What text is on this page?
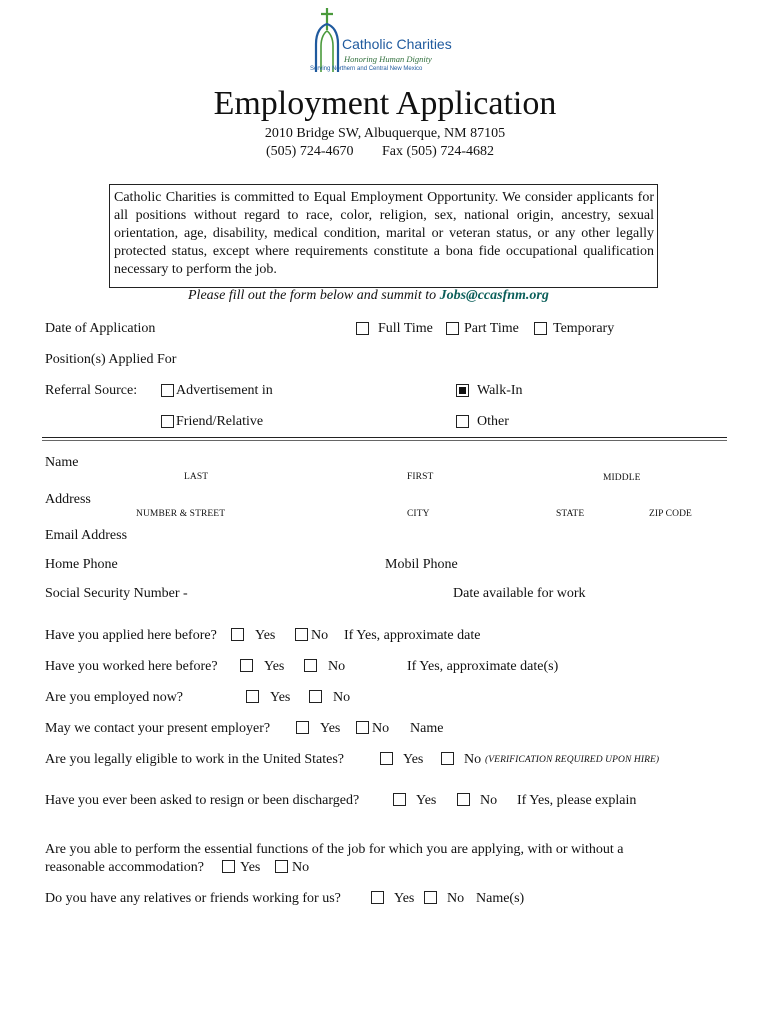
Catholic Charities
Honoring Human Dignity
Serving Northern and Central New Mexico
Employment Application
2010 Bridge SW, Albuquerque, NM 87105
(505) 724-4670 Fax (505) 724-4682
Catholic Charities is committed to Equal Employment Opportunity. We consider applicants for all positions without regard to race, color, religion, sex, national origin, ancestry, sexual orientation, age, disability, medical condition, marital or veteran status, or any other legally protected status, except where requirements constitute a bona fide occupational qualification necessary to perform the job.
Please fill out the form below and summit to Jobs@ccasfnm.org
Date of Application	Full Time Part Time Temporary
Position(s) Applied For
Referral Source:	Advertisement in	Walk-In
Friend/Relative	Other
Name
LAST	FIRST	MIDDLE
Address
NUMBER & STREET	CITY	STATE	ZIP CODE
Email Address
Home Phone	Mobil Phone
Social Security Number -	Date available for work
Have you applied here before?	Yes	No If Yes, approximate date
Have you worked here before?	Yes	No	If Yes, approximate date(s)
Are you employed now?	Yes	No
May we contact your present employer?	Yes No Name
Are you legally eligible to work in the United States?	Yes	No (VERIFICATION REQUIRED UPON HIRE)
Have you ever been asked to resign or been discharged?	Yes	No If Yes, please explain
Are you able to perform the essential functions of the job for which you are applying, with or without a
reasonable accommodation?	Yes No
Do you have any relatives or friends working for us?	Yes No Name(s)
